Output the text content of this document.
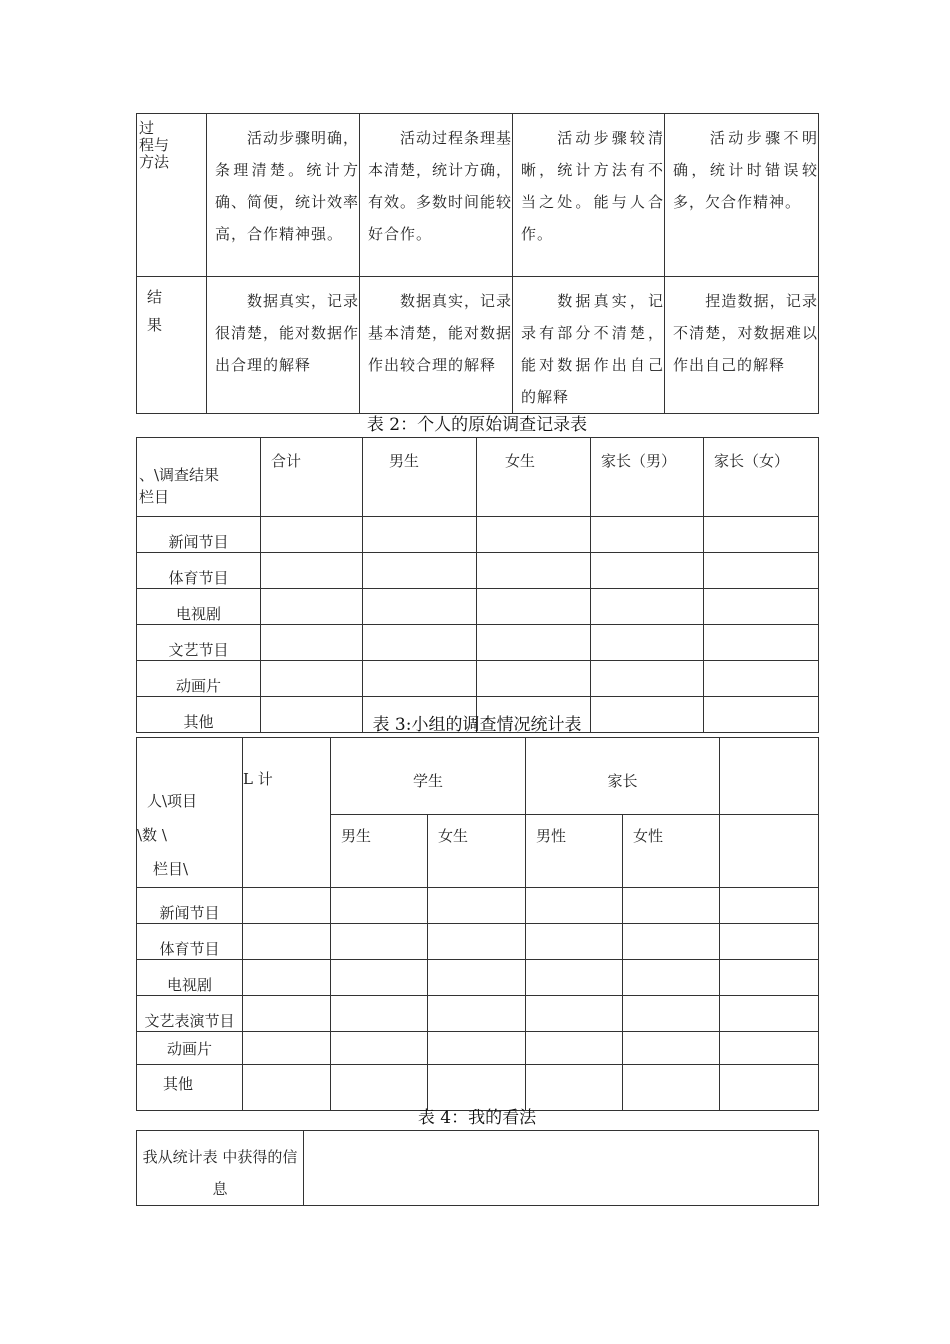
过
程与
方法	　　活动步骤明确，条理清楚。统计方确、简便，统计效率高，合作精神强。	　　活动过程条理基本清楚，统计方确，有效。多数时间能较好合作。	　　活动步骤较清晰，统计方法有不当之处。能与人合作。	　　活动步骤不明确，统计时错误较多，欠合作精神。
结
果	　　数据真实，记录很清楚，能对数据作出合理的解释	　　数据真实，记录基本清楚，能对数据作出较合理的解释	　　数据真实，记录有部分不清楚，能对数据作出自己的解释	　　捏造数据，记录不清楚，对数据难以作出自己的解释
表 2：个人的原始调查记录表
、\调查结果
栏目	合计	男生	女生	家长（男）	家长（女）
新闻节目					
体育节目					
电视剧					
文艺节目					
动画片					
其他						表 3:小组的调查情况统计表
人\项目
\数 \
栏目\	L 计	学生		家长		
		男生	女生	男性	女性	
新闻节目						
体育节目						
电视剧						
文艺表演节目						
动画片						
其他						
表 4：我的看法
我从统计表 中获得的信息	
